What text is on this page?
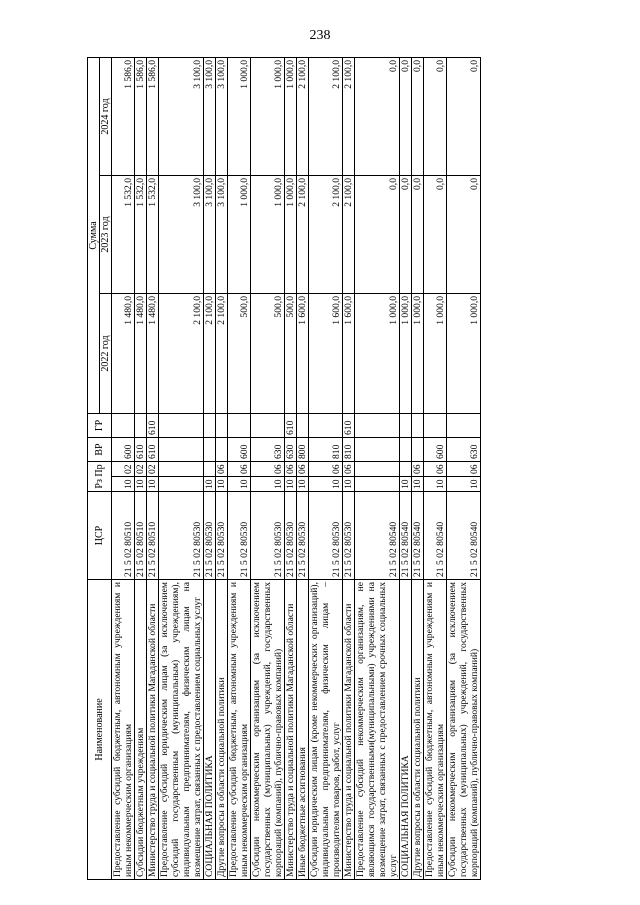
238
Наименование	ЦСР	Рз Пр		ВР	ГР	Сумма		
						2022 год	2023 год	2024 год
Предоставление субсидий бюджетным, автономным учреждениям и иным некоммерческим организациям	21 5 02 80510	10	02	600		1 480,0	1 532,0	1 586,0
Субсидии бюджетным учреждениям	21 5 02 80510	10	02	610		1 480,0	1 532,0	1 586,0
Министерство труда и социальной политики Магаданской области	21 5 02 80510	10	02	610	610	1 480,0	1 532,0	1 586,0
Предоставление субсидий юридическим лицам (за исключением субсидий государственным (муниципальным) учреждениям), индивидуальным предпринимателям, физическим лицам на возмещение затрат, связанных с предоставлением социальных услуг	21 5 02 80530					2 100,0	3 100,0	3 100,0
СОЦИАЛЬНАЯ ПОЛИТИКА	21 5 02 80530	10				2 100,0	3 100,0	3 100,0
Другие вопросы в области социальной политики	21 5 02 80530	10	06			2 100,0	3 100,0	3 100,0
Предоставление субсидий бюджетным, автономным учреждениям и иным некоммерческим организациям	21 5 02 80530	10	06	600		500,0	1 000,0	1 000,0
Субсидии некоммерческим организациям (за исключением государственных (муниципальных) учреждений, государственных корпораций (компаний), публично-правовых компаний)	21 5 02 80530	10	06	630		500,0	1 000,0	1 000,0
Министерство труда и социальной политики Магаданской области	21 5 02 80530	10	06	630	610	500,0	1 000,0	1 000,0
Иные бюджетные ассигнования	21 5 02 80530	10	06	800		1 600,0	2 100,0	2 100,0
Субсидии юридическим лицам (кроме некоммерческих организаций), индивидуальным предпринимателям, физическим лицам – производителям товаров, работ, услуг	21 5 02 80530	10	06	810		1 600,0	2 100,0	2 100,0
Министерство труда и социальной политики Магаданской области	21 5 02 80530	10	06	810	610	1 600,0	2 100,0	2 100,0
Предоставление субсидий некоммерческим организациям, не являющимся государственными(муниципальными) учреждениями на возмещение затрат, связанных с предоставлением срочных социальных услуг	21 5 02 80540					1 000,0	0,0	0,0
СОЦИАЛЬНАЯ ПОЛИТИКА	21 5 02 80540	10				1 000,0	0,0	0,0
Другие вопросы в области социальной политики	21 5 02 80540	10	06			1 000,0	0,0	0,0
Предоставление субсидий бюджетным, автономным учреждениям и иным некоммерческим организациям	21 5 02 80540	10	06	600		1 000,0	0,0	0,0
Субсидии некоммерческим организациям (за исключением государственных (муниципальных) учреждений, государственных корпораций (компаний), публично-правовых компаний)	21 5 02 80540	10	06	630		1 000,0	0,0	0,0
